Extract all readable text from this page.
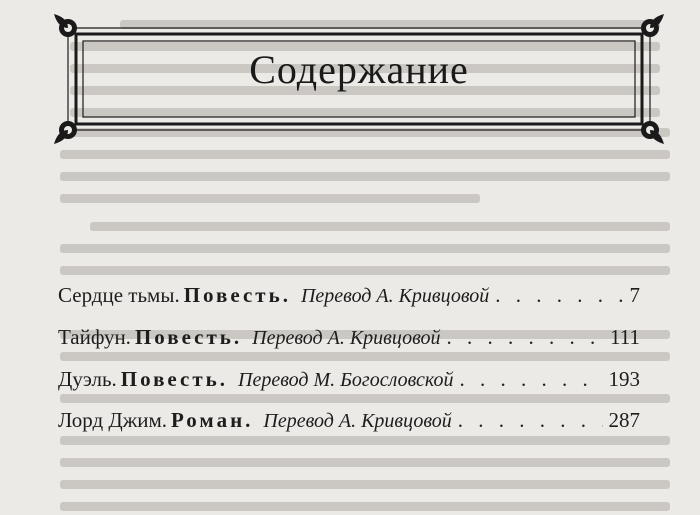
Содержание
Сердце тьмы. Повесть. Перевод А. Кривцовой . . .	7
Тайфун. Повесть. Перевод А. Кривцовой . . .	111
Дуэль. Повесть. Перевод М. Богословской . . .	193
Лорд Джим. Роман. Перевод А. Кривцовой . . .	287
